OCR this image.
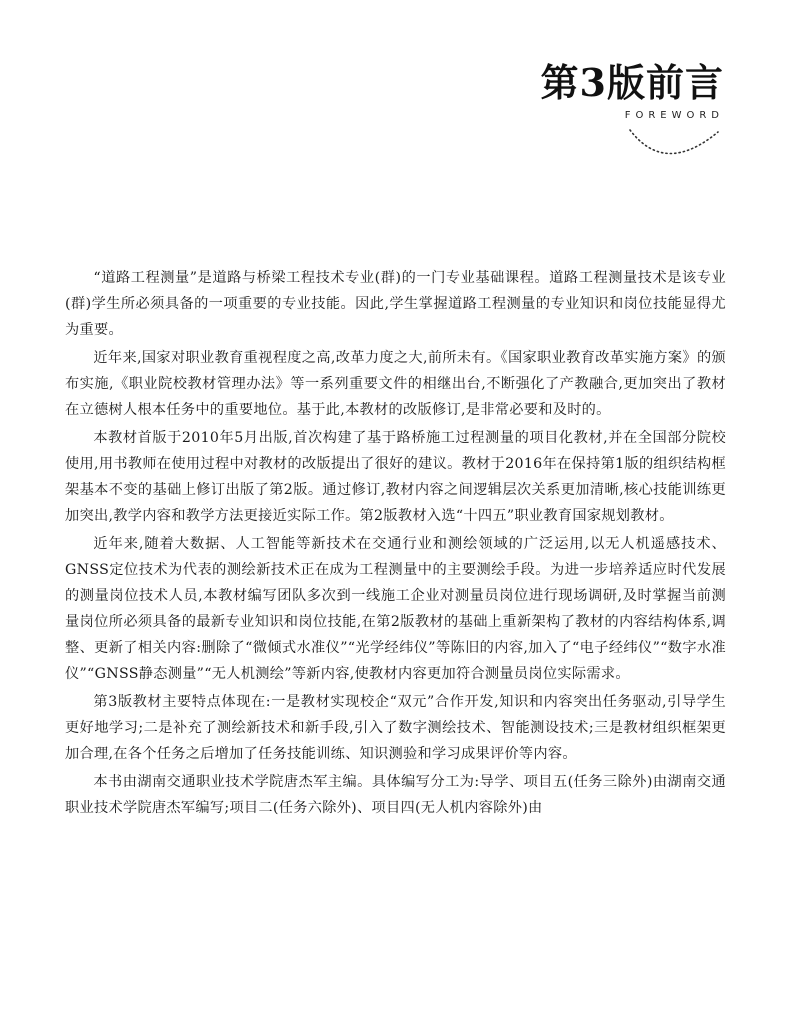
第3版前言
FOREWORD

“道路工程测量”是道路与桥梁工程技术专业(群)的一门专业基础课程。道路工程测量技术是该专业(群)学生所必须具备的一项重要的专业技能。因此,学生掌握道路工程测量的专业知识和岗位技能显得尤为重要。

近年来,国家对职业教育重视程度之高,改革力度之大,前所未有。《国家职业教育改革实施方案》的颁布实施,《职业院校教材管理办法》等一系列重要文件的相继出台,不断强化了产教融合,更加突出了教材在立德树人根本任务中的重要地位。基于此,本教材的改版修订,是非常必要和及时的。

本教材首版于2010年5月出版,首次构建了基于路桥施工过程测量的项目化教材,并在全国部分院校使用,用书教师在使用过程中对教材的改版提出了很好的建议。教材于2016年在保持第1版的组织结构框架基本不变的基础上修订出版了第2版。通过修订,教材内容之间逻辑层次关系更加清晰,核心技能训练更加突出,教学内容和教学方法更接近实际工作。第2版教材入选“十四五”职业教育国家规划教材。

近年来,随着大数据、人工智能等新技术在交通行业和测绘领域的广泛运用,以无人机遥感技术、GNSS定位技术为代表的测绘新技术正在成为工程测量中的主要测绘手段。为进一步培养适应时代发展的测量岗位技术人员,本教材编写团队多次到一线施工企业对测量员岗位进行现场调研,及时掌握当前测量岗位所必须具备的最新专业知识和岗位技能,在第2版教材的基础上重新架构了教材的内容结构体系,调整、更新了相关内容:删除了“微倾式水准仪”“光学经纬仪”等陈旧的内容,加入了“电子经纬仪”“数字水准仪”“GNSS静态测量”“无人机测绘”等新内容,使教材内容更加符合测量员岗位实际需求。

第3版教材主要特点体现在:一是教材实现校企“双元”合作开发,知识和内容突出任务驱动,引导学生更好地学习;二是补充了测绘新技术和新手段,引入了数字测绘技术、智能测设技术;三是教材组织框架更加合理,在各个任务之后增加了任务技能训练、知识测验和学习成果评价等内容。

本书由湖南交通职业技术学院唐杰军主编。具体编写分工为:导学、项目五(任务三除外)由湖南交通职业技术学院唐杰军编写;项目二(任务六除外)、项目四(无人机内容除外)由
